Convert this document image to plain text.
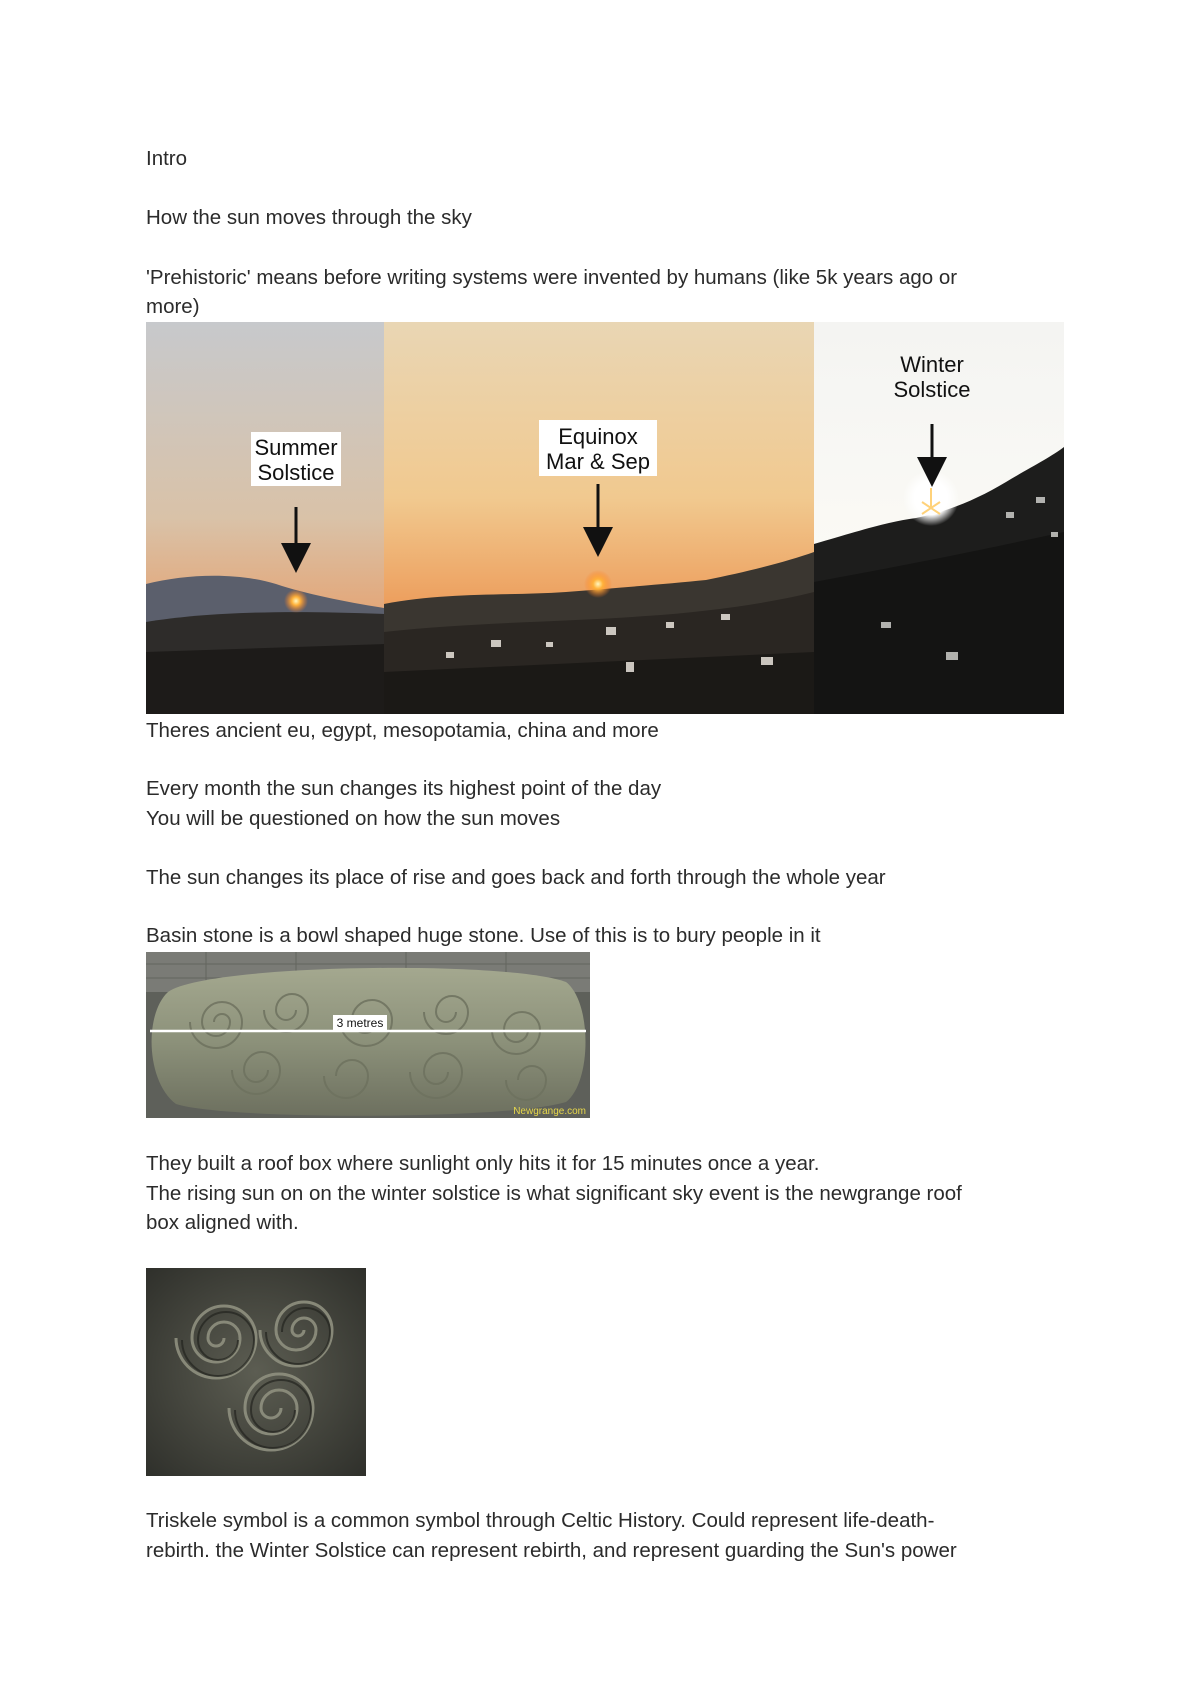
Intro

How the sun moves through the sky

'Prehistoric' means before writing systems were invented by humans (like 5k years ago or

more)

Summer
Solstice
Equinox
Mar & Sep
Winter
Solstice

Theres ancient eu, egypt, mesopotamia, china and more

Every month the sun changes its highest point of the day

You will be questioned on how the sun moves

The sun changes its place of rise and goes back and forth through the whole year

Basin stone is a bowl shaped huge stone. Use of this is to bury people in it

3 metres
Newgrange.com

They built a roof box where sunlight only hits it for 15 minutes once a year.

The rising sun on on the winter solstice is what significant sky event is the newgrange roof

box aligned with.

Triskele symbol is a common symbol through Celtic History. Could represent life-death-

rebirth. the Winter Solstice can represent rebirth, and represent guarding the Sun's power
